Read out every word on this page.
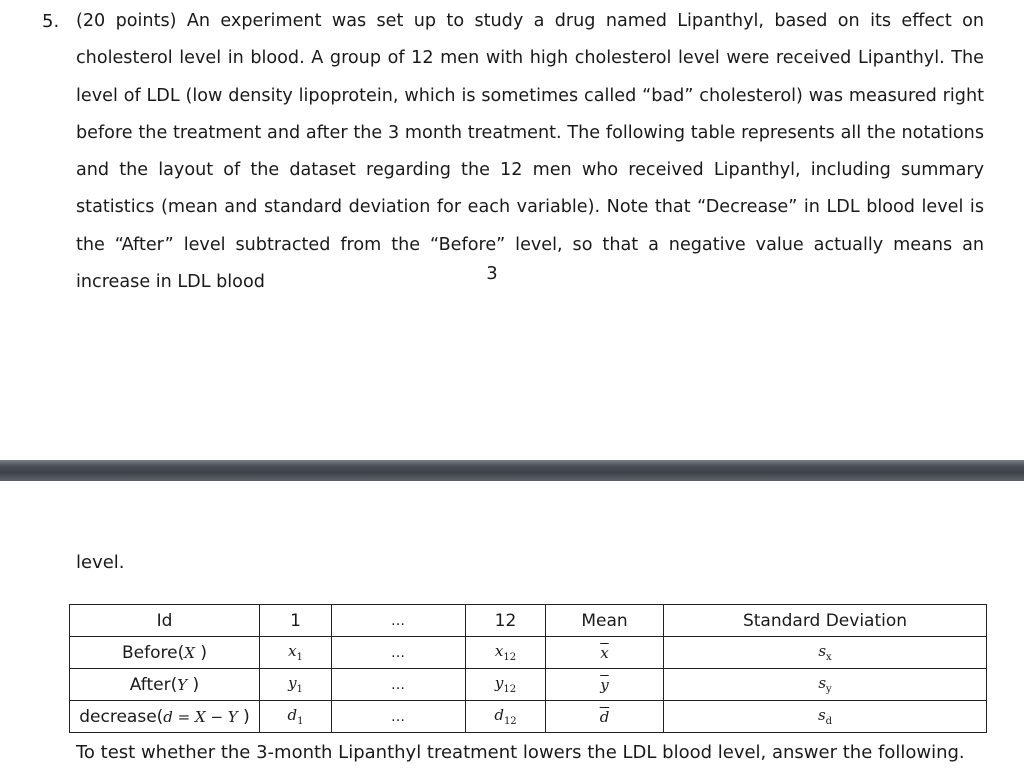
5. (20 points) An experiment was set up to study a drug named Lipanthyl, based on its effect on cholesterol level in blood. A group of 12 men with high cholesterol level were received Lipanthyl. The level of LDL (low density lipoprotein, which is sometimes called “bad” cholesterol) was measured right before the treatment and after the 3 month treatment. The following table represents all the notations and the layout of the dataset regarding the 12 men who received Lipanthyl, including summary statistics (mean and standard deviation for each variable). Note that “Decrease” in LDL blood level is the “After” level subtracted from the “Before” level, so that a negative value actually means an increase in LDL blood	3
level.
Id	1	…	12	Mean	Standard Deviation
Before(X )	$x_1$	…	$x_{12}$	$\overline{x}$	$s_x$
After(Y )	$y_1$	…	$y_{12}$	$\overline{y}$	$s_y$
decrease(d = X − Y )	$d_1$	…	$d_{12}$	$\overline{d}$	$s_d$
To test whether the 3-month Lipanthyl treatment lowers the LDL blood level, answer the following.
